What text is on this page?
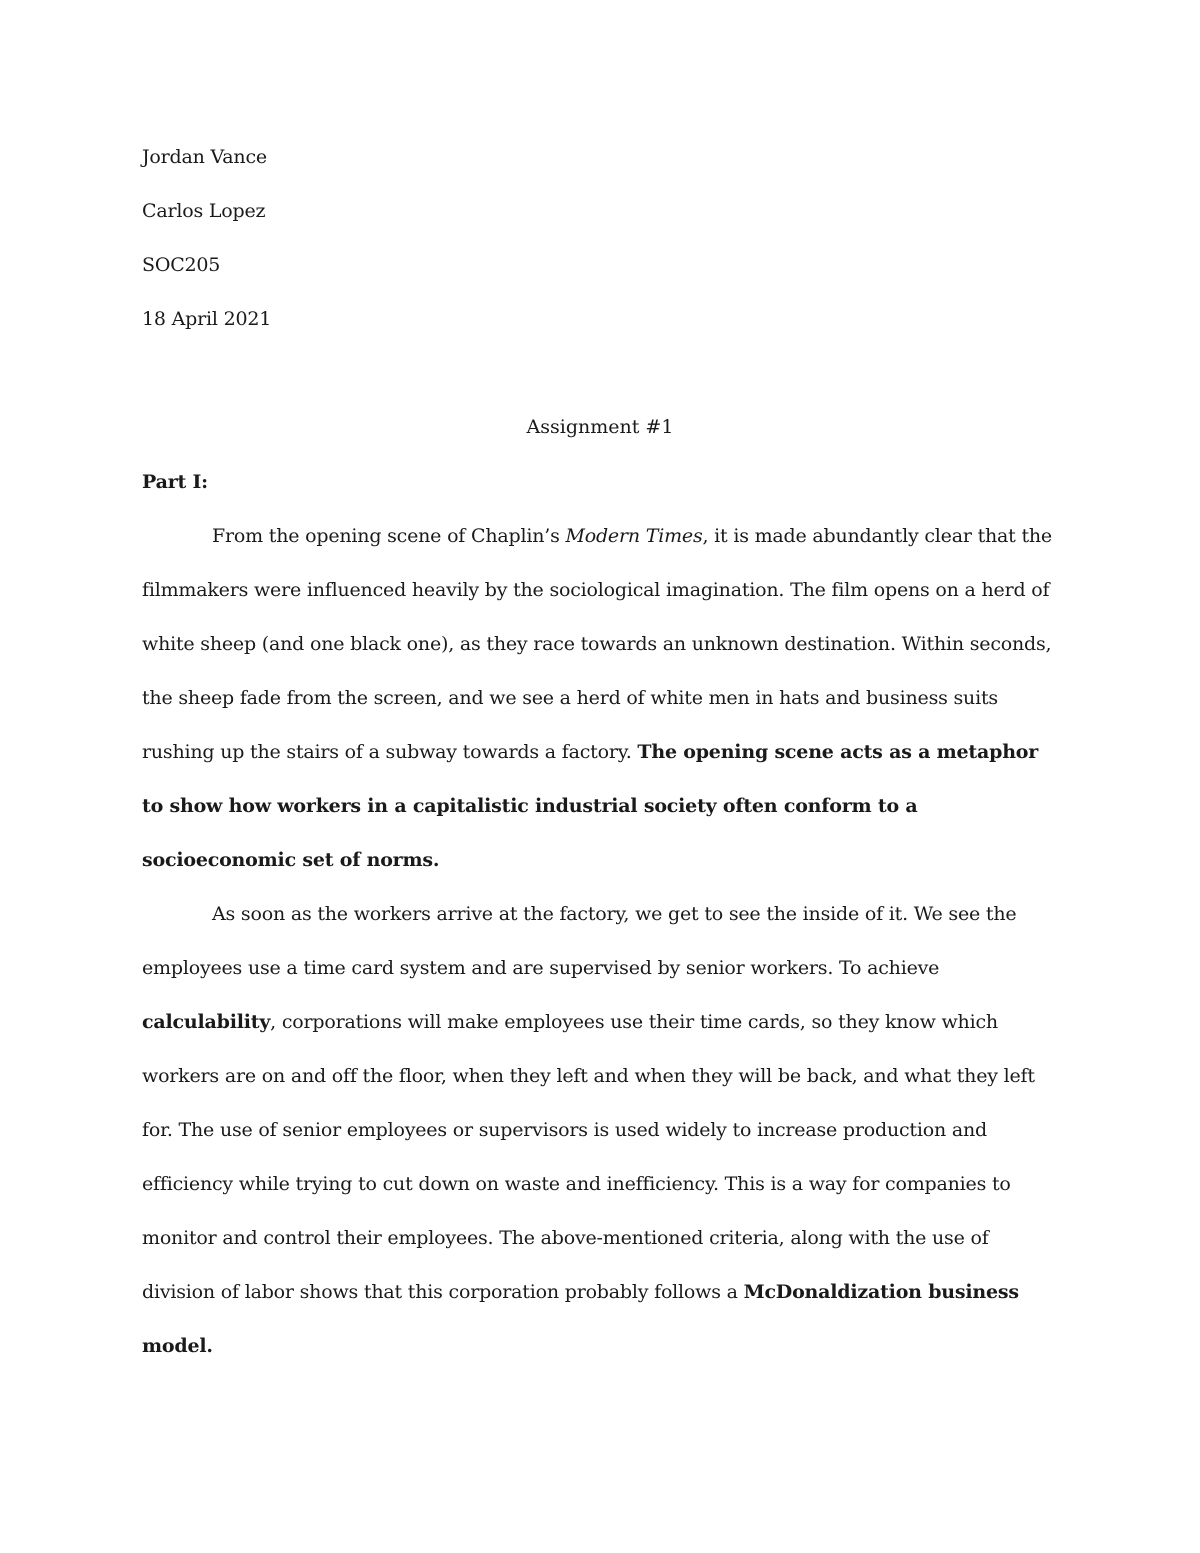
Jordan Vance
Carlos Lopez
SOC205
18 April 2021
Assignment #1
Part I:

From the opening scene of Chaplin’s Modern Times, it is made abundantly clear that the filmmakers were influenced heavily by the sociological imagination. The film opens on a herd of white sheep (and one black one), as they race towards an unknown destination. Within seconds, the sheep fade from the screen, and we see a herd of white men in hats and business suits rushing up the stairs of a subway towards a factory. The opening scene acts as a metaphor to show how workers in a capitalistic industrial society often conform to a socioeconomic set of norms.

As soon as the workers arrive at the factory, we get to see the inside of it. We see the employees use a time card system and are supervised by senior workers. To achieve calculability, corporations will make employees use their time cards, so they know which workers are on and off the floor, when they left and when they will be back, and what they left for. The use of senior employees or supervisors is used widely to increase production and efficiency while trying to cut down on waste and inefficiency. This is a way for companies to monitor and control their employees. The above-mentioned criteria, along with the use of division of labor shows that this corporation probably follows a McDonaldization business model.
